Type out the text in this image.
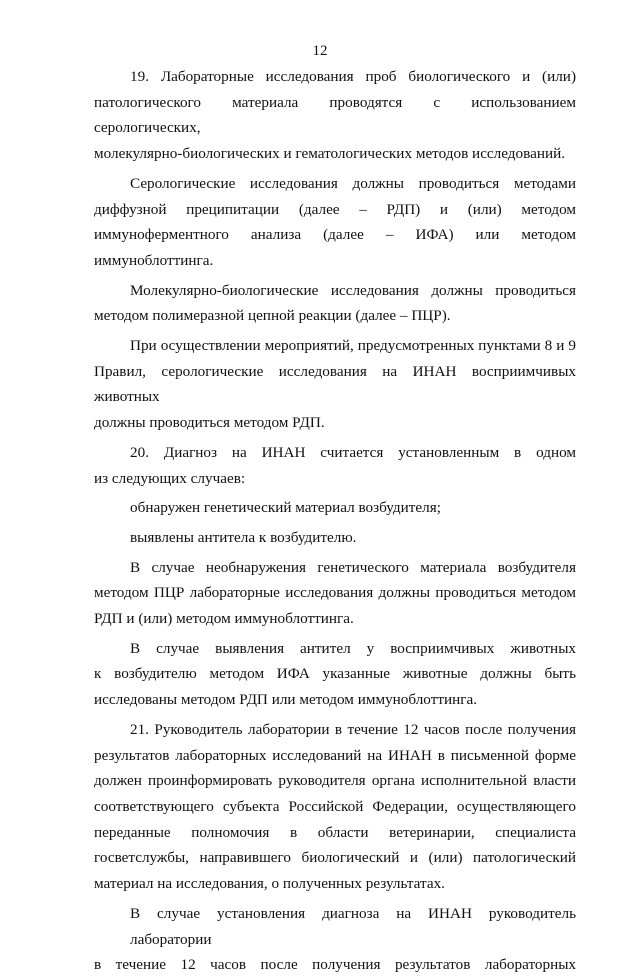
12
19. Лабораторные исследования проб биологического и (или)
патологического материала проводятся с использованием серологических,
молекулярно-биологических и гематологических методов исследований.
Серологические исследования должны проводиться методами
диффузной преципитации (далее – РДП) и (или) методом
иммуноферментного анализа (далее – ИФА) или методом иммуноблоттинга.
Молекулярно-биологические исследования должны проводиться
методом полимеразной цепной реакции (далее – ПЦР).
При осуществлении мероприятий, предусмотренных пунктами 8 и 9
Правил, серологические исследования на ИНАН восприимчивых животных
должны проводиться методом РДП.
20. Диагноз на ИНАН считается установленным в одном
из следующих случаев:
обнаружен генетический материал возбудителя;
выявлены антитела к возбудителю.
В случае необнаружения генетического материала возбудителя
методом ПЦР лабораторные исследования должны проводиться методом
РДП и (или) методом иммуноблоттинга.
В случае выявления антител у восприимчивых животных
к возбудителю методом ИФА указанные животные должны быть
исследованы методом РДП или методом иммуноблоттинга.
21. Руководитель лаборатории в течение 12 часов после получения
результатов лабораторных исследований на ИНАН в письменной форме
должен проинформировать руководителя органа исполнительной власти
соответствующего субъекта Российской Федерации, осуществляющего
переданные полномочия в области ветеринарии, специалиста
госветслужбы, направившего биологический и (или) патологический
материал на исследования, о полученных результатах.
В случае установления диагноза на ИНАН руководитель лаборатории
в течение 12 часов после получения результатов лабораторных
